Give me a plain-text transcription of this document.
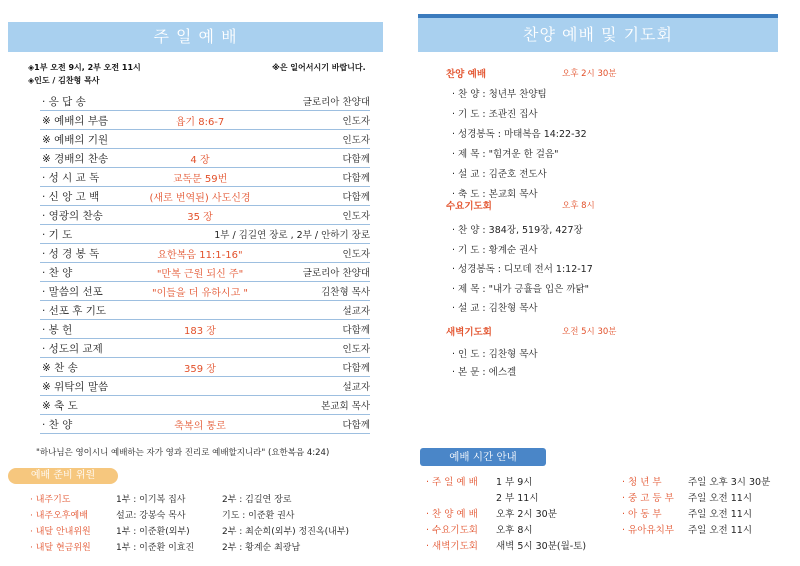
주 일 예 배
◈1부 오전 9시, 2부 오전 11시	※은 일어서시기 바랍니다.
◈인도 / 김찬형 목사
· 응 답 송	글로리아 찬양대
※ 예배의 부름	욥기 8:6-7	인도자
※ 예배의 기원	인도자
※ 경배의 찬송	4 장	다함께
· 성 시 교 독	교독문 59번	다함께
· 신 앙 고 백	(새로 번역된) 사도신경	다함께
· 영광의 찬송	35 장	인도자
· 기 도	1부 / 김길연 장로 , 2부 / 안하기 장로
· 성 경 봉 독	요한복음 11:1-16"	인도자
· 찬 양	"만복 근원 되신 주"	글로리아 찬양대
· 말씀의 선포	"이들을 더 유하시고 "	김찬형 목사
· 선포 후 기도	설교자
· 봉 헌	183 장	다함께
· 성도의 교제	인도자
※ 찬 송	359 장	다함께
※ 위탁의 말씀	설교자
※ 축 도	본교회 목사
· 찬 양	축복의 통로	다함께
"하나님은 영이시니 예배하는 자가 영과 진리로 예배할지니라" (요한복음 4:24)
예배 준비 위원
· 내주기도	1부 : 이기복 집사	2부 : 김길연 장로
· 내주오후예배	설교: 강봉숙 목사	기도 : 이준환 권사
· 내달 안내위원	1부 : 이준환(외부)	2부 : 최순희(외부) 정진옥(내부)
· 내달 현금위원	1부 : 이준환 이효진	2부 : 황계순 최광남
찬양 예배 및 기도회
찬양 예배	오후 2시 30분
· 찬 양 : 청년부 찬양팀
· 기 도 : 조관진 집사
· 성경봉독 : 마태복음 14:22-32
· 제 목 : "힘겨운 한 걸음"
· 설 교 : 김준호 전도사
· 축 도 : 본교회 목사
수요기도회	오후 8시
· 찬 양 : 384장, 519장, 427장
· 기 도 : 황계순 권사
· 성경봉독 : 디모데 전서 1:12-17
· 제 목 : "내가 긍휼을 입은 까닭"
· 설 교 : 김찬형 목사
새벽기도회	오전 5시 30분
· 인 도 : 김찬형 목사
· 본 문 : 에스겔
예배 시간 안내
· 주 일 예 배 1 부 9시
2 부 11시
· 찬 양 예 배 오후 2시 30분
· 수요기도회 오후 8시
· 새벽기도회 새벽 5시 30분(월-토)
· 청 년 부	주일 오후 3시 30분
· 중 고 등 부 주일 오전 11시
· 아 동 부	주일 오전 11시
· 유아유치부 주일 오전 11시
